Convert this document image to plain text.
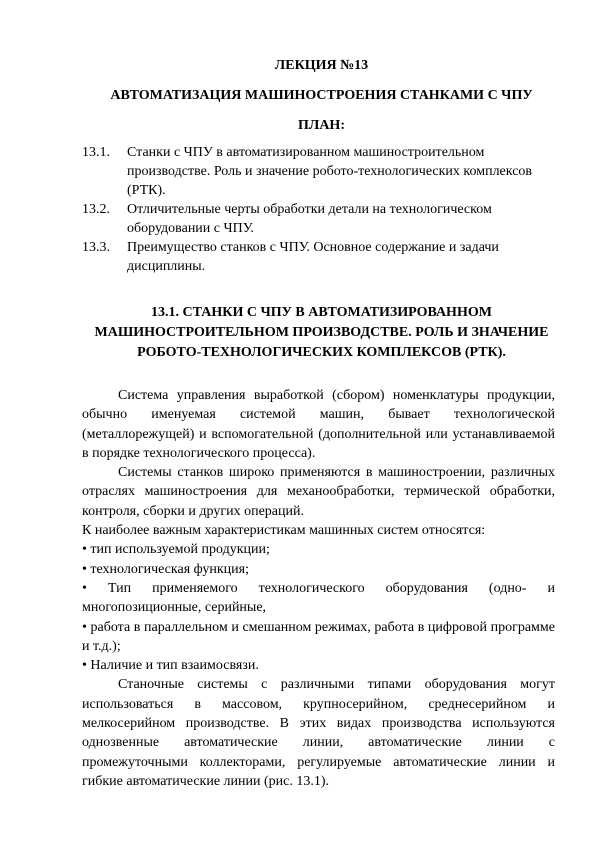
ЛЕКЦИЯ №13
АВТОМАТИЗАЦИЯ МАШИНОСТРОЕНИЯ СТАНКАМИ С ЧПУ
ПЛАН:
13.1.	Станки с ЧПУ в автоматизированном машиностроительном производстве. Роль и значение робото-технологических комплексов (РТК).
13.2.	Отличительные черты обработки детали на технологическом оборудовании с ЧПУ.
13.3.	Преимущество станков с ЧПУ. Основное содержание и задачи дисциплины.
13.1. СТАНКИ С ЧПУ В АВТОМАТИЗИРОВАННОМ МАШИНОСТРОИТЕЛЬНОМ ПРОИЗВОДСТВЕ. РОЛЬ И ЗНАЧЕНИЕ РОБОТО-ТЕХНОЛОГИЧЕСКИХ КОМПЛЕКСОВ (РТК).

Система управления выработкой (сбором) номенклатуры продукции, обычно именуемая системой машин, бывает технологической (металлорежущей) и вспомогательной (дополнительной или устанавливаемой в порядке технологического процесса).

Системы станков широко применяются в машиностроении, различных отраслях машиностроения для механообработки, термической обработки, контроля, сборки и других операций.

К наиболее важным характеристикам машинных систем относятся:

• тип используемой продукции;

• технологическая функция;

• Тип применяемого технологического оборудования (одно- и многопозиционные, серийные,

• работа в параллельном и смешанном режимах, работа в цифровой программе и т.д.);

• Наличие и тип взаимосвязи.

Станочные системы с различными типами оборудования могут использоваться в массовом, крупносерийном, среднесерийном и мелкосерийном производстве. В этих видах производства используются однозвенные автоматические линии, автоматические линии с промежуточными коллекторами, регулируемые автоматические линии и гибкие автоматические линии (рис. 13.1).
